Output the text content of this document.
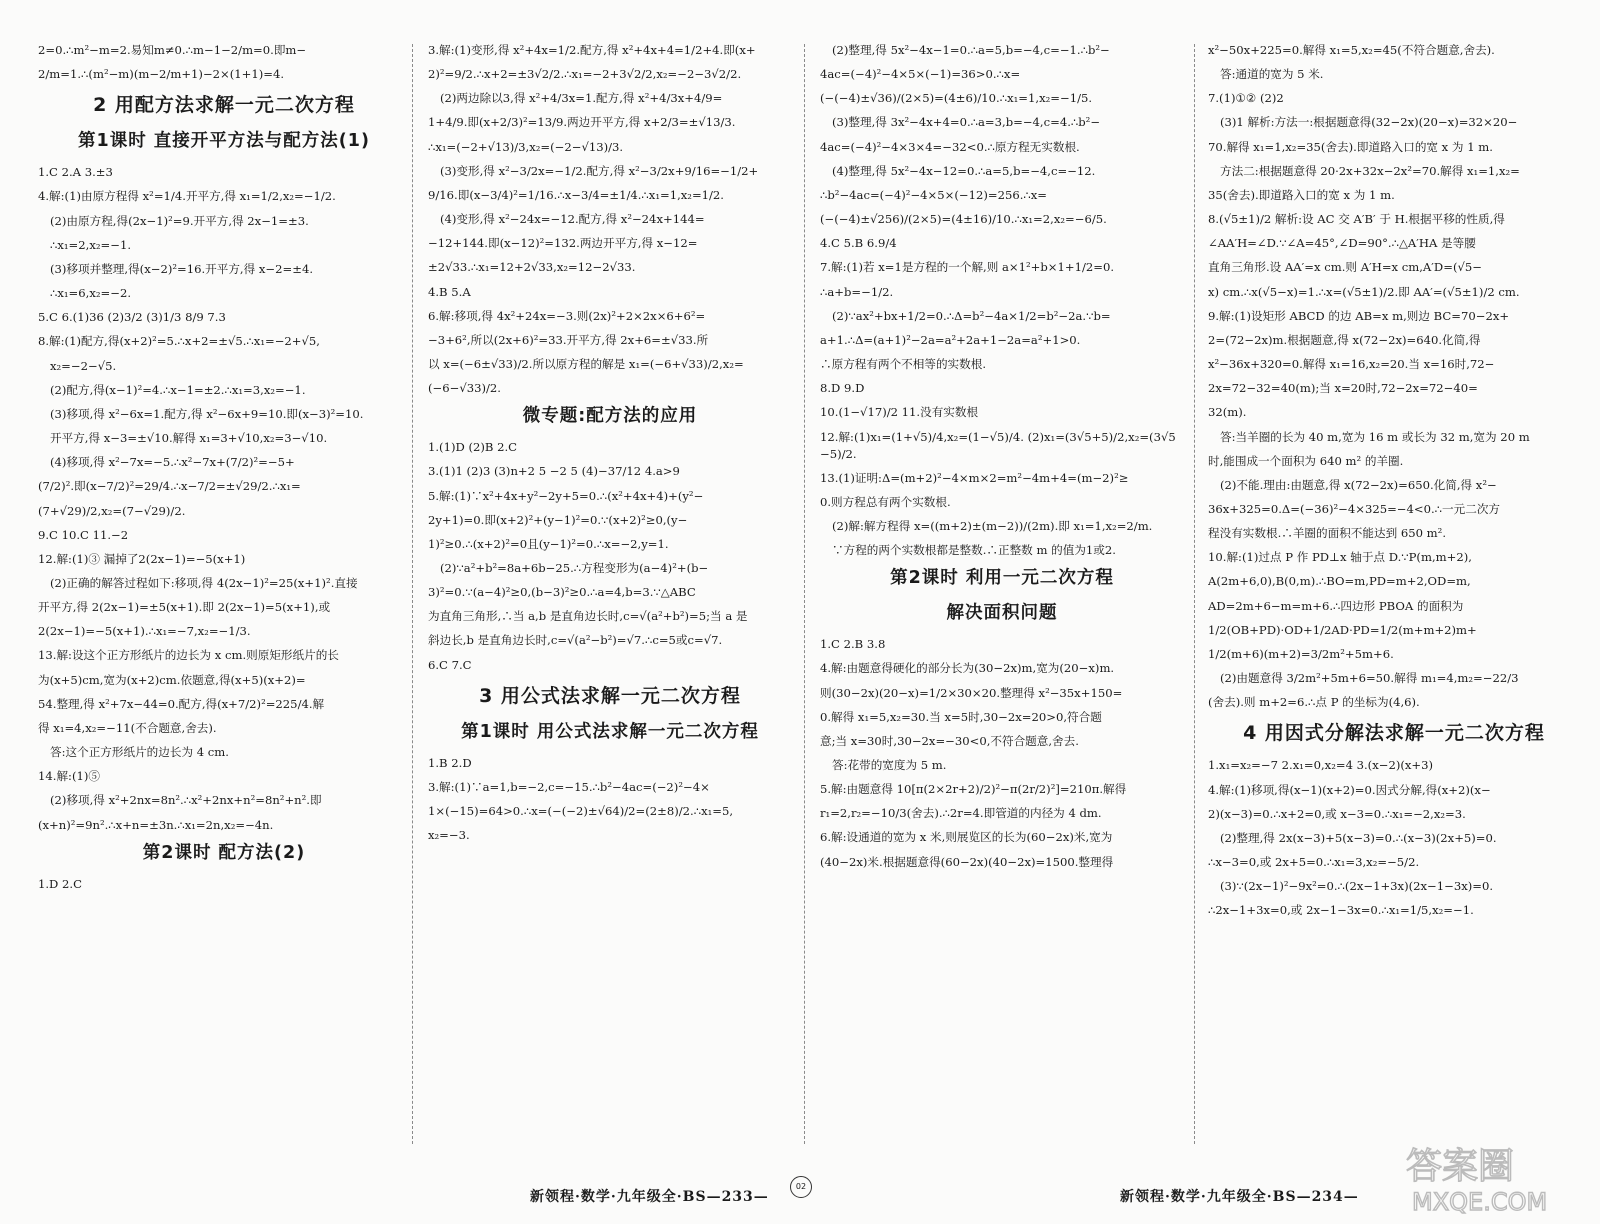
2=0.∴m²−m=2.易知m≠0.∴m−1−2/m=0.即m−
2/m=1.∴(m²−m)(m−2/m+1)−2×(1+1)=4.
2 用配方法求解一元二次方程
第1课时 直接开平方法与配方法(1)
1.C 2.A 3.±3
4.解:(1)由原方程得 x²=1/4.开平方,得 x₁=1/2,x₂=−1/2.
(2)由原方程,得(2x−1)²=9.开平方,得 2x−1=±3.
∴x₁=2,x₂=−1.
(3)移项并整理,得(x−2)²=16.开平方,得 x−2=±4.
∴x₁=6,x₂=−2.
5.C 6.(1)36 (2)3/2 (3)1/3 8/9 7.3
8.解:(1)配方,得(x+2)²=5.∴x+2=±√5.∴x₁=−2+√5,
x₂=−2−√5.
(2)配方,得(x−1)²=4.∴x−1=±2.∴x₁=3,x₂=−1.
(3)移项,得 x²−6x=1.配方,得 x²−6x+9=10.即(x−3)²=10.
开平方,得 x−3=±√10.解得 x₁=3+√10,x₂=3−√10.
(4)移项,得 x²−7x=−5.∴x²−7x+(7/2)²=−5+
(7/2)².即(x−7/2)²=29/4.∴x−7/2=±√29/2.∴x₁=
(7+√29)/2,x₂=(7−√29)/2.
9.C 10.C 11.−2
12.解:(1)③ 漏掉了2(2x−1)=−5(x+1)
(2)正确的解答过程如下:移项,得 4(2x−1)²=25(x+1)².直接
开平方,得 2(2x−1)=±5(x+1).即 2(2x−1)=5(x+1),或
2(2x−1)=−5(x+1).∴x₁=−7,x₂=−1/3.
13.解:设这个正方形纸片的边长为 x cm.则原矩形纸片的长
为(x+5)cm,宽为(x+2)cm.依题意,得(x+5)(x+2)=
54.整理,得 x²+7x−44=0.配方,得(x+7/2)²=225/4.解
得 x₁=4,x₂=−11(不合题意,舍去).
答:这个正方形纸片的边长为 4 cm.
14.解:(1)⑤
(2)移项,得 x²+2nx=8n².∴x²+2nx+n²=8n²+n².即
(x+n)²=9n².∴x+n=±3n.∴x₁=2n,x₂=−4n.
第2课时 配方法(2)
1.D 2.C
3.解:(1)变形,得 x²+4x=1/2.配方,得 x²+4x+4=1/2+4.即(x+
2)²=9/2.∴x+2=±3√2/2.∴x₁=−2+3√2/2,x₂=−2−3√2/2.
(2)两边除以3,得 x²+4/3x=1.配方,得 x²+4/3x+4/9=
1+4/9.即(x+2/3)²=13/9.两边开平方,得 x+2/3=±√13/3.
∴x₁=(−2+√13)/3,x₂=(−2−√13)/3.
(3)变形,得 x²−3/2x=−1/2.配方,得 x²−3/2x+9/16=−1/2+
9/16.即(x−3/4)²=1/16.∴x−3/4=±1/4.∴x₁=1,x₂=1/2.
(4)变形,得 x²−24x=−12.配方,得 x²−24x+144=
−12+144.即(x−12)²=132.两边开平方,得 x−12=
±2√33.∴x₁=12+2√33,x₂=12−2√33.
4.B 5.A
6.解:移项,得 4x²+24x=−3.则(2x)²+2×2x×6+6²=
−3+6²,所以(2x+6)²=33.开平方,得 2x+6=±√33.所
以 x=(−6±√33)/2.所以原方程的解是 x₁=(−6+√33)/2,x₂=
(−6−√33)/2.
微专题:配方法的应用
1.(1)D (2)B 2.C
3.(1)1 (2)3 (3)n+2 5 −2 5 (4)−37/12 4.a>9
5.解:(1)∵x²+4x+y²−2y+5=0.∴(x²+4x+4)+(y²−
2y+1)=0.即(x+2)²+(y−1)²=0.∵(x+2)²≥0,(y−
1)²≥0.∴(x+2)²=0且(y−1)²=0.∴x=−2,y=1.
(2)∵a²+b²=8a+6b−25.∴方程变形为(a−4)²+(b−
3)²=0.∵(a−4)²≥0,(b−3)²≥0.∴a=4,b=3.∵△ABC
为直角三角形,∴当 a,b 是直角边长时,c=√(a²+b²)=5;当 a 是
斜边长,b 是直角边长时,c=√(a²−b²)=√7.∴c=5或c=√7.
6.C 7.C
3 用公式法求解一元二次方程
第1课时 用公式法求解一元二次方程
1.B 2.D
3.解:(1)∵a=1,b=−2,c=−15.∴b²−4ac=(−2)²−4×
1×(−15)=64>0.∴x=(−(−2)±√64)/2=(2±8)/2.∴x₁=5,
x₂=−3.
(2)整理,得 5x²−4x−1=0.∴a=5,b=−4,c=−1.∴b²−
4ac=(−4)²−4×5×(−1)=36>0.∴x=
(−(−4)±√36)/(2×5)=(4±6)/10.∴x₁=1,x₂=−1/5.
(3)整理,得 3x²−4x+4=0.∴a=3,b=−4,c=4.∴b²−
4ac=(−4)²−4×3×4=−32<0.∴原方程无实数根.
(4)整理,得 5x²−4x−12=0.∴a=5,b=−4,c=−12.
∴b²−4ac=(−4)²−4×5×(−12)=256.∴x=
(−(−4)±√256)/(2×5)=(4±16)/10.∴x₁=2,x₂=−6/5.
4.C 5.B 6.9/4
7.解:(1)若 x=1是方程的一个解,则 a×1²+b×1+1/2=0.
∴a+b=−1/2.
(2)∵ax²+bx+1/2=0.∴Δ=b²−4a×1/2=b²−2a.∵b=
a+1.∴Δ=(a+1)²−2a=a²+2a+1−2a=a²+1>0.
∴原方程有两个不相等的实数根.
8.D 9.D
10.(1−√17)/2 11.没有实数根
12.解:(1)x₁=(1+√5)/4,x₂=(1−√5)/4. (2)x₁=(3√5+5)/2,x₂=(3√5−5)/2.
13.(1)证明:Δ=(m+2)²−4×m×2=m²−4m+4=(m−2)²≥
0.则方程总有两个实数根.
(2)解:解方程得 x=((m+2)±(m−2))/(2m).即 x₁=1,x₂=2/m.
∵方程的两个实数根都是整数.∴正整数 m 的值为1或2.
第2课时 利用一元二次方程
解决面积问题
1.C 2.B 3.8
4.解:由题意得硬化的部分长为(30−2x)m,宽为(20−x)m.
则(30−2x)(20−x)=1/2×30×20.整理得 x²−35x+150=
0.解得 x₁=5,x₂=30.当 x=5时,30−2x=20>0,符合题
意;当 x=30时,30−2x=−30<0,不符合题意,舍去.
答:花带的宽度为 5 m.
5.解:由题意得 10[π(2×2r+2)/2)²−π(2r/2)²]=210π.解得
r₁=2,r₂=−10/3(舍去).∴2r=4.即管道的内径为 4 dm.
6.解:设通道的宽为 x 米,则展览区的长为(60−2x)米,宽为
(40−2x)米.根据题意得(60−2x)(40−2x)=1500.整理得
x²−50x+225=0.解得 x₁=5,x₂=45(不符合题意,舍去).
答:通道的宽为 5 米.
7.(1)①② (2)2
(3)1 解析:方法一:根据题意得(32−2x)(20−x)=32×20−
70.解得 x₁=1,x₂=35(舍去).即道路入口的宽 x 为 1 m.
方法二:根据题意得 20·2x+32x−2x²=70.解得 x₁=1,x₂=
35(舍去).即道路入口的宽 x 为 1 m.
8.(√5±1)/2 解析:设 AC 交 A′B′ 于 H.根据平移的性质,得
∠AA′H=∠D.∵∠A=45°,∠D=90°.∴△A′HA 是等腰
直角三角形.设 AA′=x cm.则 A′H=x cm,A′D=(√5−
x) cm.∴x(√5−x)=1.∴x=(√5±1)/2.即 AA′=(√5±1)/2 cm.
9.解:(1)设矩形 ABCD 的边 AB=x m,则边 BC=70−2x+
2=(72−2x)m.根据题意,得 x(72−2x)=640.化简,得
x²−36x+320=0.解得 x₁=16,x₂=20.当 x=16时,72−
2x=72−32=40(m);当 x=20时,72−2x=72−40=
32(m).
答:当羊圈的长为 40 m,宽为 16 m 或长为 32 m,宽为 20 m
时,能围成一个面积为 640 m² 的羊圈.
(2)不能.理由:由题意,得 x(72−2x)=650.化简,得 x²−
36x+325=0.Δ=(−36)²−4×325=−4<0.∴一元二次方
程没有实数根.∴羊圈的面积不能达到 650 m².
10.解:(1)过点 P 作 PD⊥x 轴于点 D.∵P(m,m+2),
A(2m+6,0),B(0,m).∴BO=m,PD=m+2,OD=m,
AD=2m+6−m=m+6.∴四边形 PBOA 的面积为
1/2(OB+PD)·OD+1/2AD·PD=1/2(m+m+2)m+
1/2(m+6)(m+2)=3/2m²+5m+6.
(2)由题意得 3/2m²+5m+6=50.解得 m₁=4,m₂=−22/3
(舍去).则 m+2=6.∴点 P 的坐标为(4,6).
4 用因式分解法求解一元二次方程
1.x₁=x₂=−7 2.x₁=0,x₂=4 3.(x−2)(x+3)
4.解:(1)移项,得(x−1)(x+2)=0.因式分解,得(x+2)(x−
2)(x−3)=0.∴x+2=0,或 x−3=0.∴x₁=−2,x₂=3.
(2)整理,得 2x(x−3)+5(x−3)=0.∴(x−3)(2x+5)=0.
∴x−3=0,或 2x+5=0.∴x₁=3,x₂=−5/2.
(3)∵(2x−1)²−9x²=0.∴(2x−1+3x)(2x−1−3x)=0.
∴2x−1+3x=0,或 2x−1−3x=0.∴x₁=1/5,x₂=−1.
新领程·数学·九年级全·BS—233—
02
新领程·数学·九年级全·BS—234—
答案圈
MXQE.COM
